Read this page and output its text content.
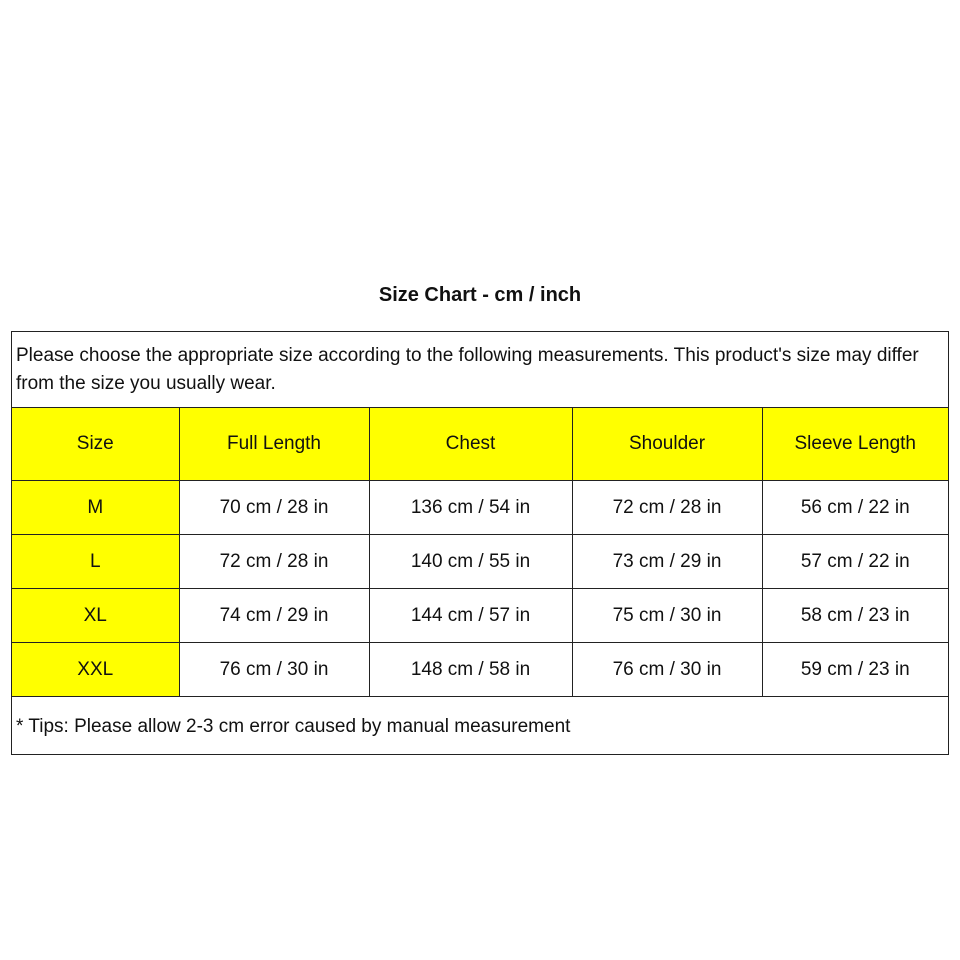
Size Chart - cm / inch
Please choose the appropriate size according to the following measurements. This product's size may differ from the size you usually wear.
Size	Full Length	Chest	Shoulder	Sleeve Length
M	70 cm / 28 in	136 cm / 54 in	72 cm / 28 in	56 cm / 22 in
L	72 cm / 28 in	140 cm / 55 in	73 cm / 29 in	57 cm / 22 in
XL	74 cm / 29 in	144 cm / 57 in	75 cm / 30 in	58 cm / 23 in
XXL	76 cm / 30 in	148 cm / 58 in	76 cm / 30 in	59 cm / 23 in
* Tips: Please allow 2-3 cm error caused by manual measurement
